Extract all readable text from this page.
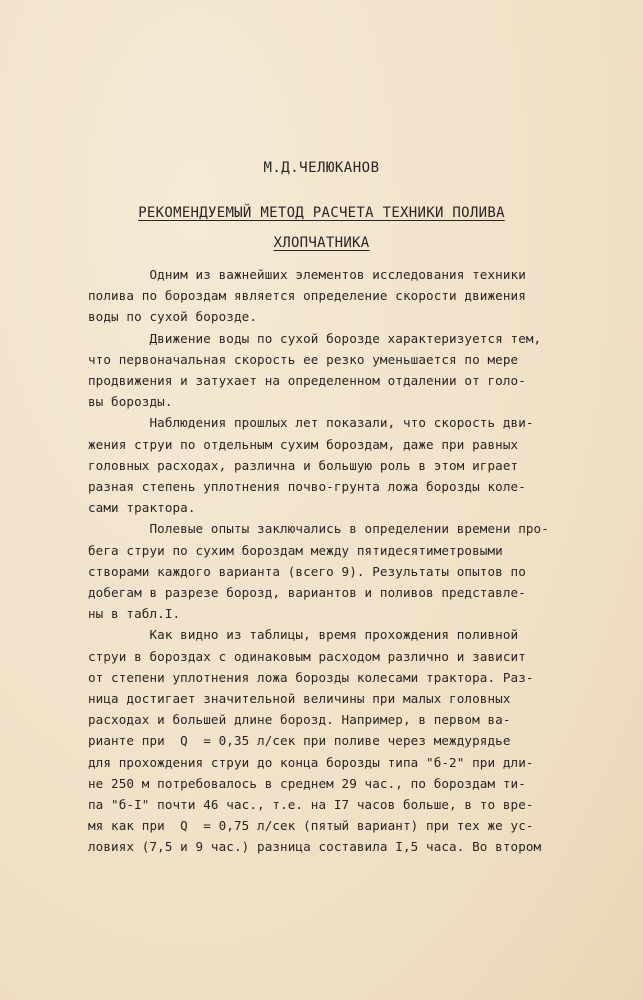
М.Д.ЧЕЛЮКАНОВ
РЕКОМЕНДУЕМЫЙ МЕТОД РАСЧЕТА ТЕХНИКИ ПОЛИВА
ХЛОПЧАТНИКА
Одним из важнейших элементов исследования техники
полива по бороздам является определение скорости движения
воды по сухой борозде.
Движение воды по сухой борозде характеризуется тем,
что первоначальная скорость ее резко уменьшается по мере
продвижения и затухает на определенном отдалении от голо-
вы борозды.
Наблюдения прошлых лет показали, что скорость дви-
жения струи по отдельным сухим бороздам, даже при равных
головных расходах, различна и большую роль в этом играет
разная степень уплотнения почво-грунта ложа борозды коле-
сами трактора.
Полевые опыты заключались в определении времени про-
бега струи по сухим бороздам между пятидесятиметровыми
створами каждого варианта (всего 9). Результаты опытов по
добегам в разрезе борозд, вариантов и поливов представле-
ны в табл.I.
Как видно из таблицы, время прохождения поливной
струи в бороздах с одинаковым расходом различно и зависит
от степени уплотнения ложа борозды колесами трактора. Раз-
ница достигает значительной величины при малых головных
расходах и большей длине борозд. Например, в первом ва-
рианте при  Q  = 0,35 л/сек при поливе через междурядье
для прохождения струи до конца борозды типа "б-2" при дли-
не 250 м потребовалось в среднем 29 час., по бороздам ти-
па "б-I" почти 46 час., т.е. на I7 часов больше, в то вре-
мя как при  Q  = 0,75 л/сек (пятый вариант) при тех же ус-
ловиях (7,5 и 9 час.) разница составила I,5 часа. Во втором
